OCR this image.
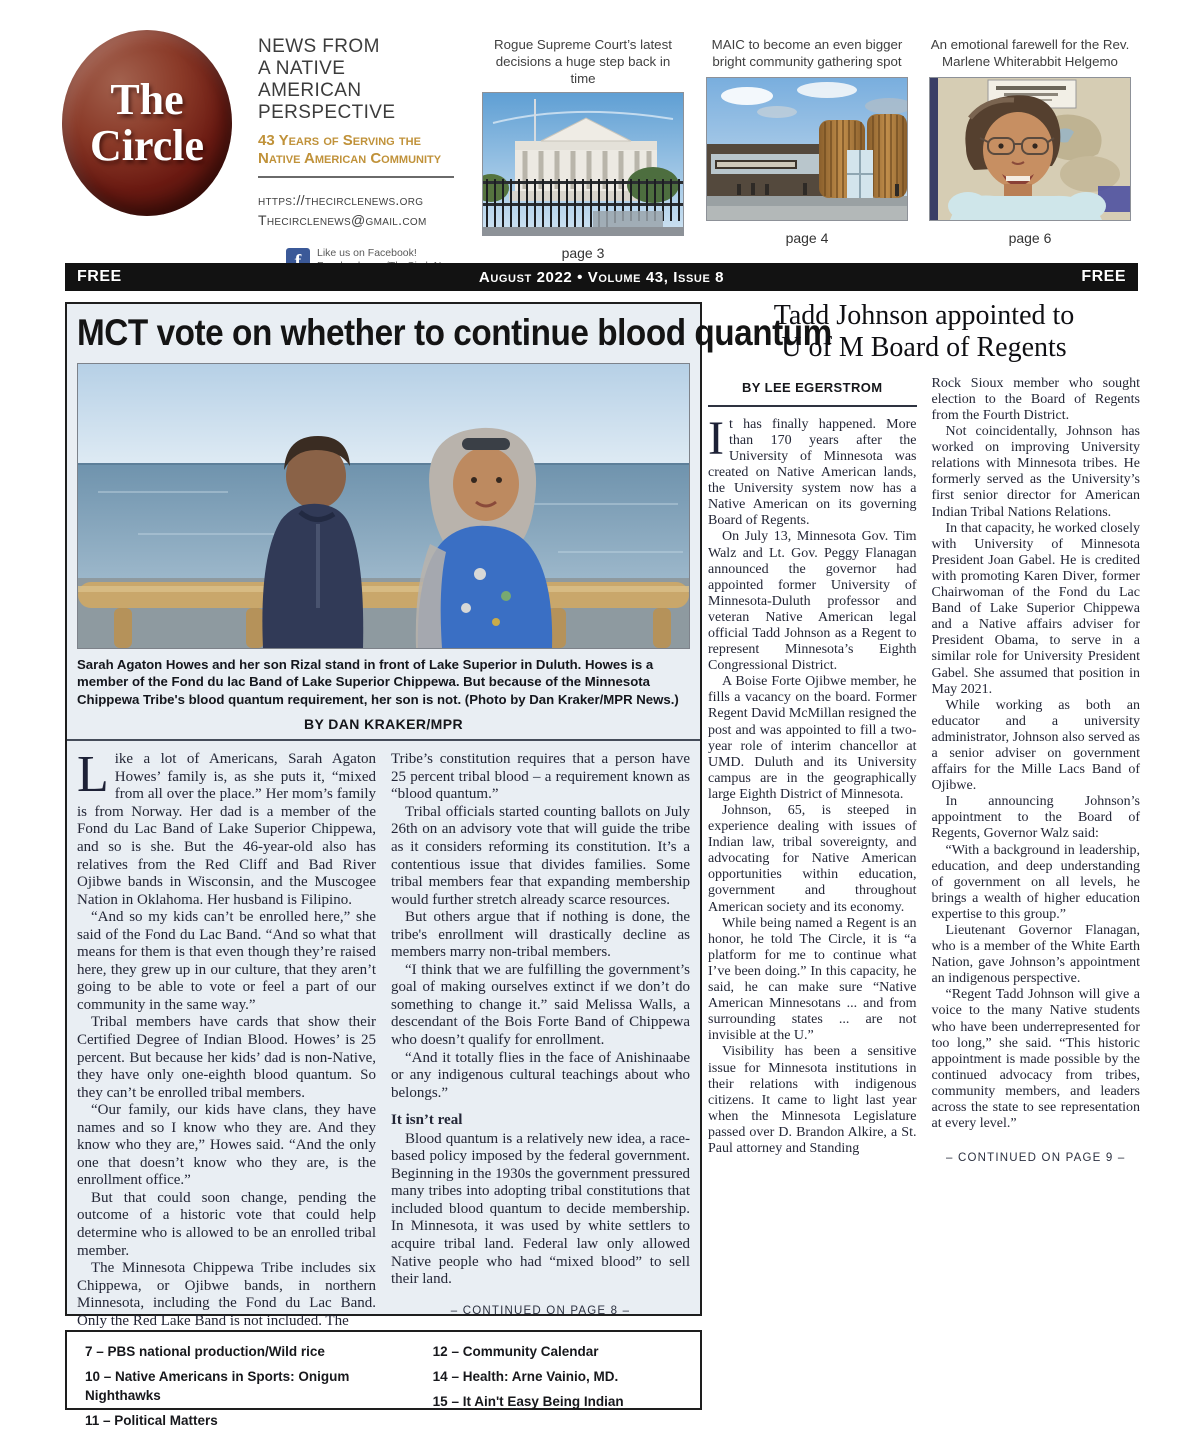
The
Circle
NEWS FROM
A NATIVE
AMERICAN
PERSPECTIVE
43 Years of Serving the
Native American Community
https://thecirclenews.org
Thecirclenews@gmail.com
Like us on Facebook!
Rogue Supreme Court’s latest decisions a huge step back in time
page 3
MAIC to become an even bigger bright community gathering spot
page 4
An emotional farewell for the Rev. Marlene Whiterabbit Helgemo
page 6
FREE	August 2022 • Volume 43, Issue 8	FREE
MCT vote on whether to continue blood quantum
Sarah Agaton Howes and her son Rizal stand in front of Lake Superior in Duluth. Howes is a member of the Fond du lac Band of Lake Superior Chippewa. But because of the Minnesota Chippewa Tribe's blood quantum requirement, her son is not. (Photo by Dan Kraker/MPR News.)
BY DAN KRAKER/MPR

Like a lot of Americans, Sarah Agaton Howes’ family is, as she puts it, “mixed from all over the place.” Her mom’s family is from Norway. Her dad is a member of the Fond du Lac Band of Lake Superior Chippewa, and so is she. But the 46-year-old also has relatives from the Red Cliff and Bad River Ojibwe bands in Wisconsin, and the Muscogee Nation in Oklahoma. Her husband is Filipino.

“And so my kids can’t be enrolled here,” she said of the Fond du Lac Band. “And so what that means for them is that even though they’re raised here, they grew up in our culture, that they aren’t going to be able to vote or feel a part of our community in the same way.”

Tribal members have cards that show their Certified Degree of Indian Blood. Howes’ is 25 percent. But because her kids’ dad is non-Native, they have only one-eighth blood quantum. So they can’t be enrolled tribal members.

“Our family, our kids have clans, they have names and so I know who they are. And they know who they are,” Howes said. “And the only one that doesn’t know who they are, is the enrollment office.”

But that could soon change, pending the outcome of a historic vote that could help determine who is allowed to be an enrolled tribal member.

The Minnesota Chippewa Tribe includes six Chippewa, or Ojibwe bands, in northern Minnesota, including the Fond du Lac Band. Only the Red Lake Band is not included. The

Tribe’s constitution requires that a person have 25 percent tribal blood – a requirement known as “blood quantum.”

Tribal officials started counting ballots on July 26th on an advisory vote that will guide the tribe as it considers reforming its constitution. It’s a contentious issue that divides families. Some tribal members fear that expanding membership would further stretch already scarce resources.

But others argue that if nothing is done, the tribe's enrollment will drastically decline as members marry non-tribal members.

“I think that we are fulfilling the government’s goal of making ourselves extinct if we don’t do something to change it.” said Melissa Walls, a descendant of the Bois Forte Band of Chippewa who doesn’t qualify for enrollment.

“And it totally flies in the face of Anishinaabe or any indigenous cultural teachings about who belongs.”

It isn’t real

Blood quantum is a relatively new idea, a race-based policy imposed by the federal government. Beginning in the 1930s the government pressured many tribes into adopting tribal constitutions that included blood quantum to decide membership. In Minnesota, it was used by white settlers to acquire tribal land. Federal law only allowed Native people who had “mixed blood” to sell their land.

– CONTINUED ON PAGE 8 –

7 – PBS national production/Wild rice

10 – Native Americans in Sports: Onigum Nighthawks

11 – Political Matters

12 – Community Calendar

14 – Health: Arne Vainio, MD.

15 – It Ain't Easy Being Indian

Tadd Johnson appointed to
U of M Board of Regents
BY LEE EGERSTROM

It has finally happened. More than 170 years after the University of Minnesota was created on Native American lands, the University system now has a Native American on its governing Board of Regents.

On July 13, Minnesota Gov. Tim Walz and Lt. Gov. Peggy Flanagan announced the governor had appointed former University of Minnesota-Duluth professor and veteran Native American legal official Tadd Johnson as a Regent to represent Minnesota’s Eighth Congressional District.

A Boise Forte Ojibwe member, he fills a vacancy on the board. Former Regent David McMillan resigned the post and was appointed to fill a two-year role of interim chancellor at UMD. Duluth and its University campus are in the geographically large Eighth District of Minnesota.

Johnson, 65, is steeped in experience dealing with issues of Indian law, tribal sovereignty, and advocating for Native American opportunities within education, government and throughout American society and its economy.

While being named a Regent is an honor, he told The Circle, it is “a platform for me to continue what I’ve been doing.” In this capacity, he said, he can make sure “Native American Minnesotans ... and from surrounding states ... are not invisible at the U.”

Visibility has been a sensitive issue for Minnesota institutions in their relations with indigenous citizens. It came to light last year when the Minnesota Legislature passed over D. Brandon Alkire, a St. Paul attorney and Standing

Rock Sioux member who sought election to the Board of Regents from the Fourth District.

Not coincidentally, Johnson has worked on improving University relations with Minnesota tribes. He formerly served as the University’s first senior director for American Indian Tribal Nations Relations.

In that capacity, he worked closely with University of Minnesota President Joan Gabel. He is credited with promoting Karen Diver, former Chairwoman of the Fond du Lac Band of Lake Superior Chippewa and a Native affairs adviser for President Obama, to serve in a similar role for University President Gabel. She assumed that position in May 2021.

While working as both an educator and a university administrator, Johnson also served as a senior adviser on government affairs for the Mille Lacs Band of Ojibwe.

In announcing Johnson’s appointment to the Board of Regents, Governor Walz said:

“With a background in leadership, education, and deep understanding of government on all levels, he brings a wealth of higher education expertise to this group.”

Lieutenant Governor Flanagan, who is a member of the White Earth Nation, gave Johnson’s appointment an indigenous perspective.

“Regent Tadd Johnson will give a voice to the many Native students who have been underrepresented for too long,” she said. “This historic appointment is made possible by the continued advocacy from tribes, community members, and leaders across the state to see representation at every level.”

– CONTINUED ON PAGE 9 –
